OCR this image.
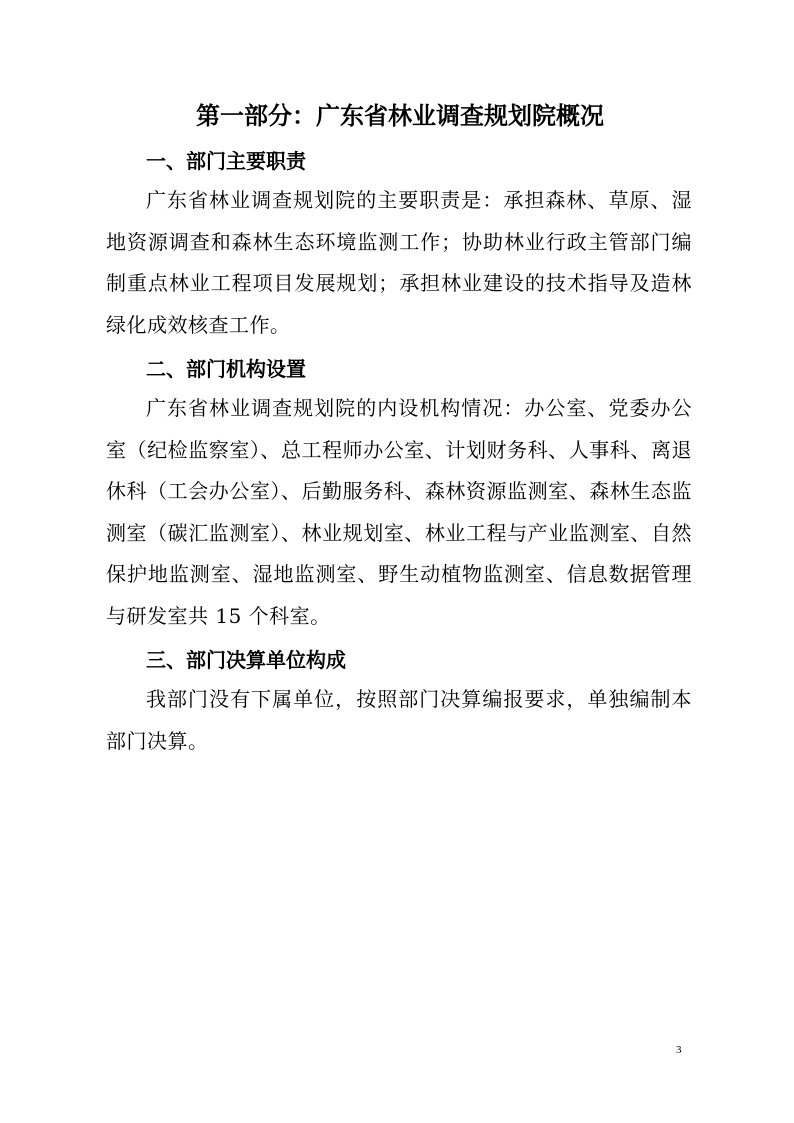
第一部分：广东省林业调查规划院概况
一、部门主要职责
广东省林业调查规划院的主要职责是：承担森林、草原、湿地资源调查和森林生态环境监测工作；协助林业行政主管部门编制重点林业工程项目发展规划；承担林业建设的技术指导及造林绿化成效核查工作。
二、部门机构设置
广东省林业调查规划院的内设机构情况：办公室、党委办公室（纪检监察室）、总工程师办公室、计划财务科、人事科、离退休科（工会办公室）、后勤服务科、森林资源监测室、森林生态监测室（碳汇监测室）、林业规划室、林业工程与产业监测室、自然保护地监测室、湿地监测室、野生动植物监测室、信息数据管理与研发室共 15 个科室。
三、部门决算单位构成
我部门没有下属单位，按照部门决算编报要求，单独编制本部门决算。
3
